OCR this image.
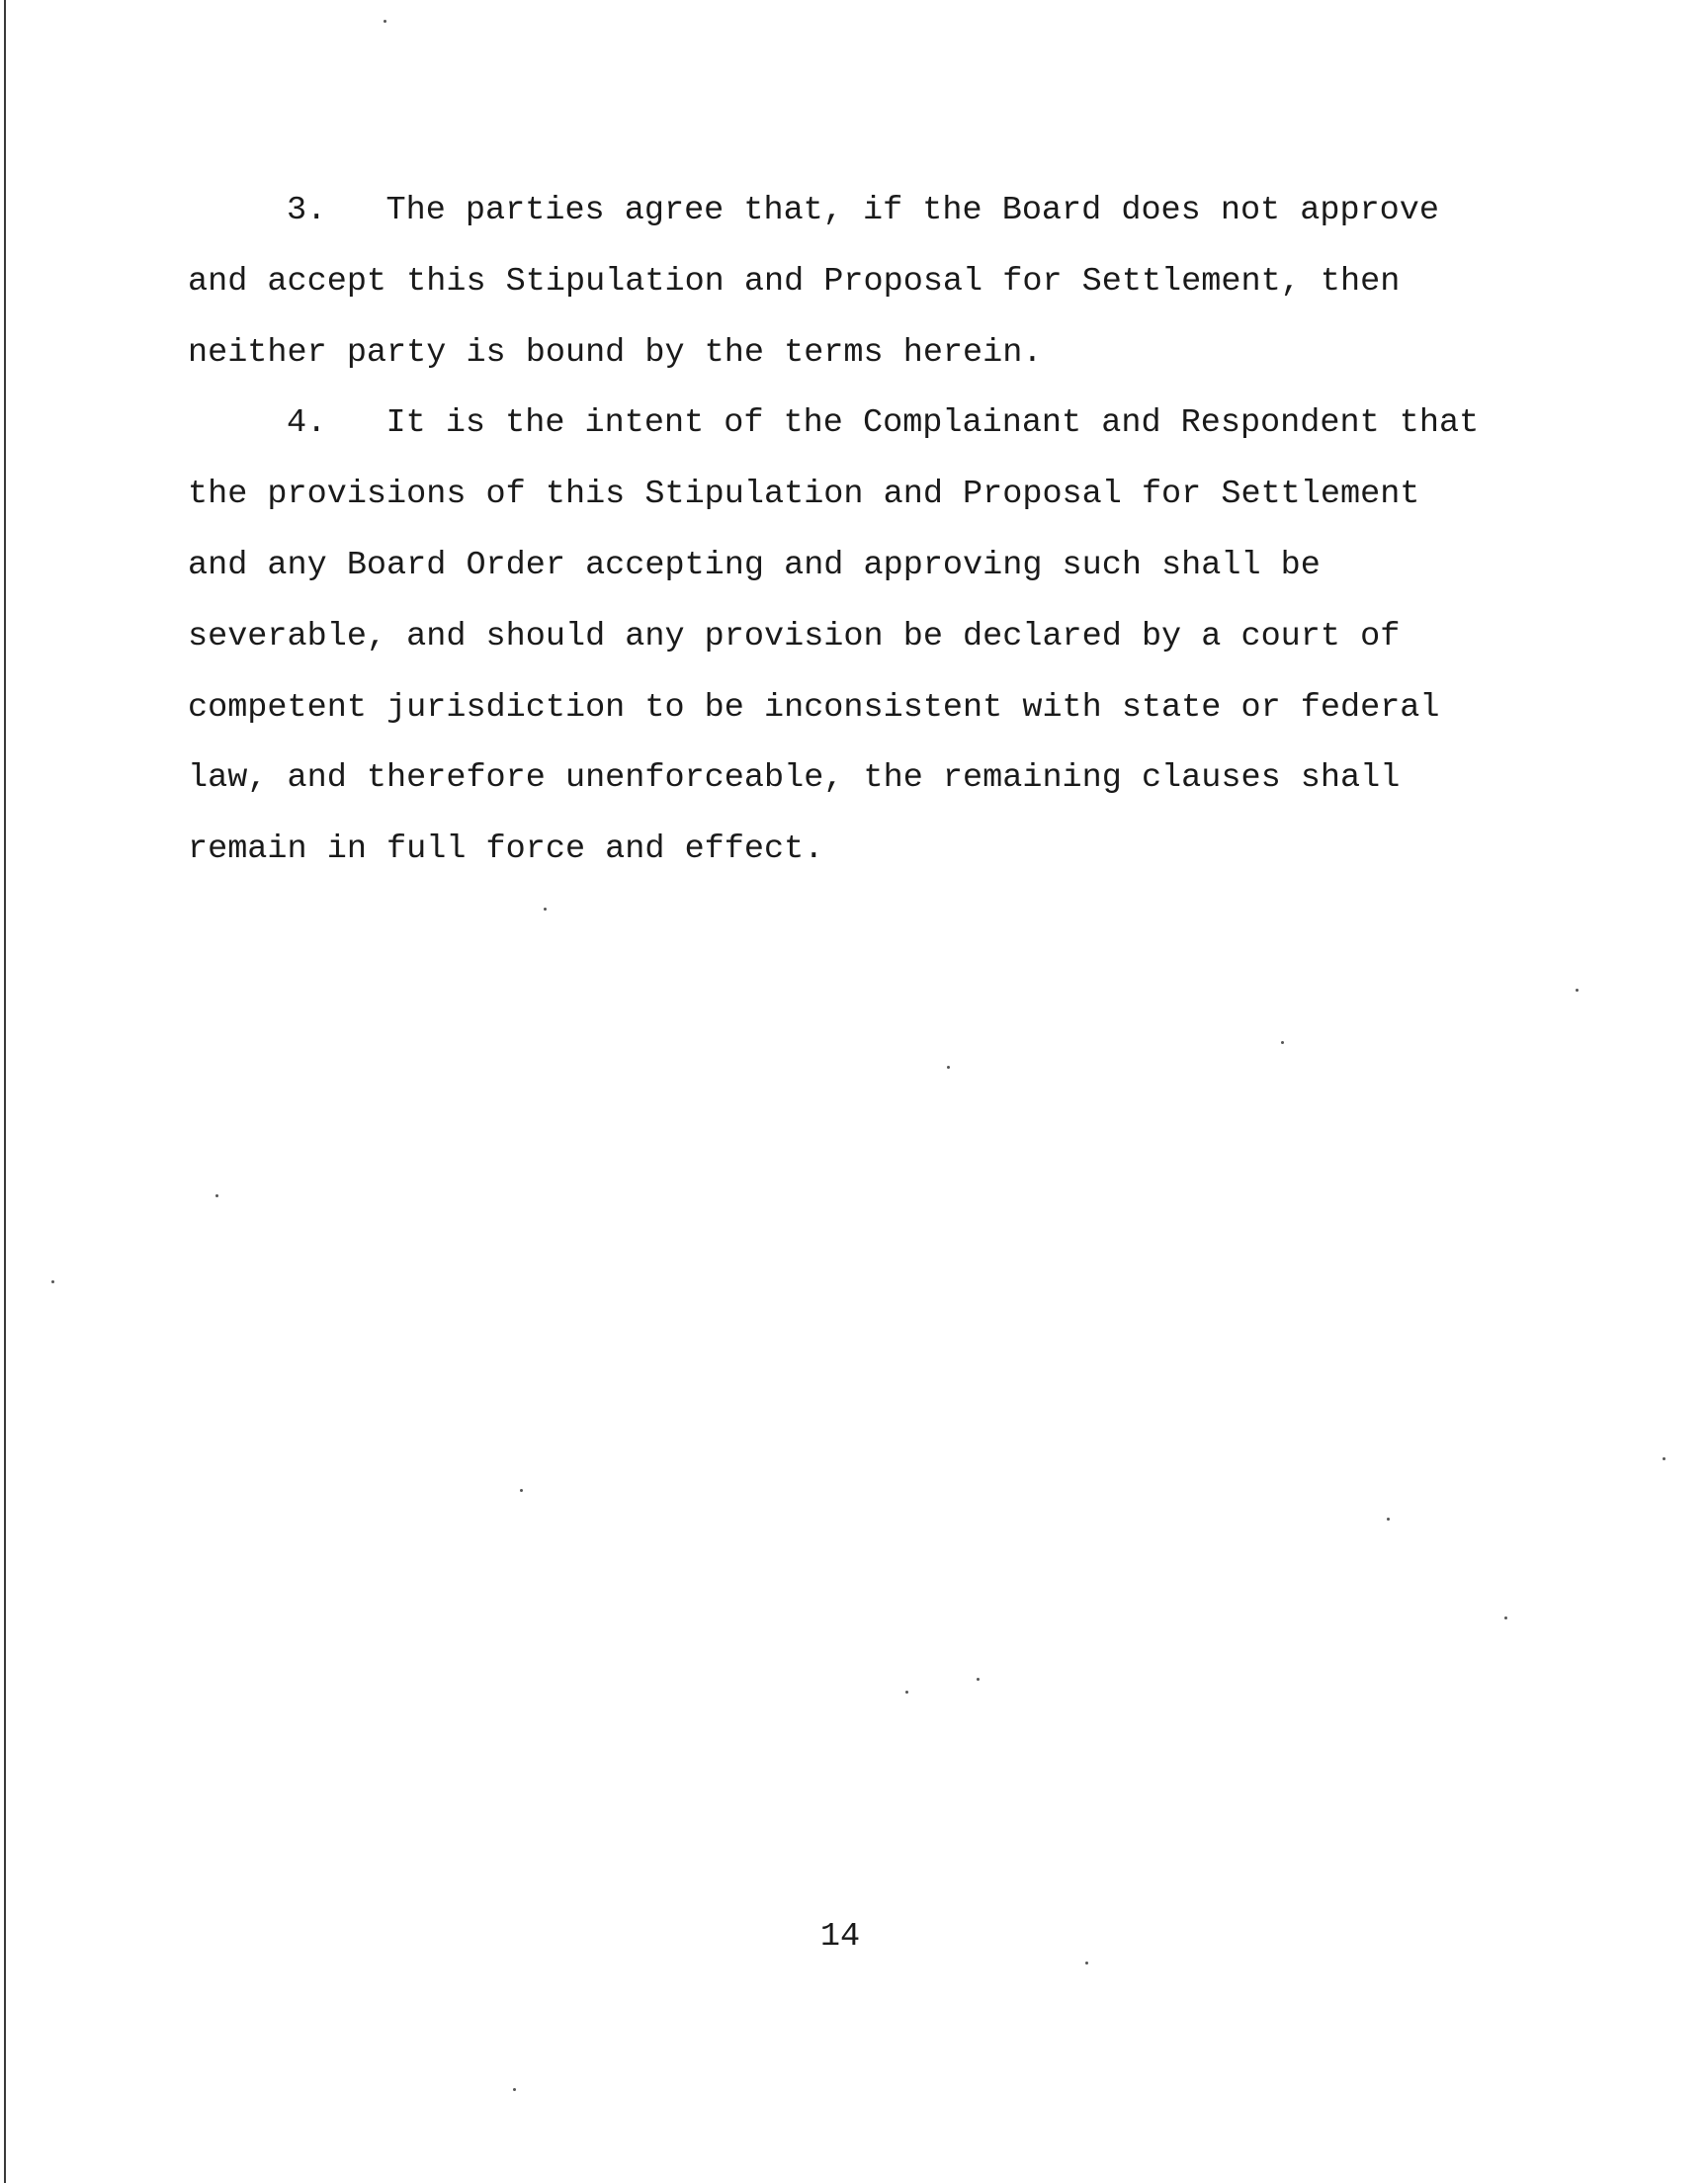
3.   The parties agree that, if the Board does not approve
and accept this Stipulation and Proposal for Settlement, then
neither party is bound by the terms herein.
4.   It is the intent of the Complainant and Respondent that
the provisions of this Stipulation and Proposal for Settlement
and any Board Order accepting and approving such shall be
severable, and should any provision be declared by a court of
competent jurisdiction to be inconsistent with state or federal
law, and therefore unenforceable, the remaining clauses shall
remain in full force and effect.
14
